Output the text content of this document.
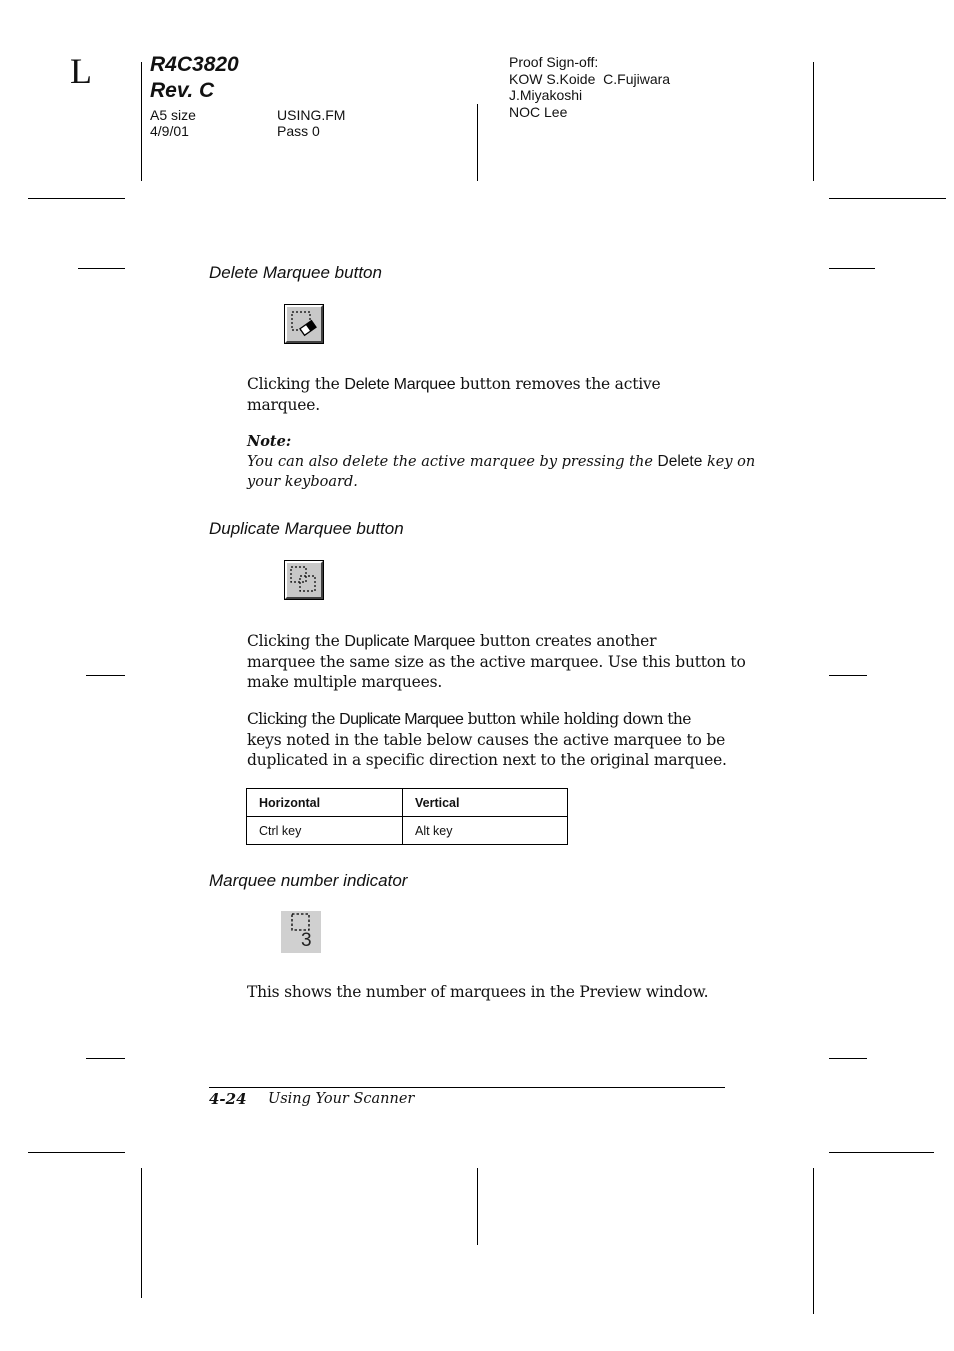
L	R4C3820
Rev. C
A5 size
4/9/01
USING.FM
Pass 0
Proof Sign-off:
KOW S.Koide  C.Fujiwara
J.Miyakoshi
NOC Lee
Delete Marquee button
Clicking the Delete Marquee button removes the active
marquee.
Note:
You can also delete the active marquee by pressing the Delete key on
your keyboard.
Duplicate Marquee button
Clicking the Duplicate Marquee button creates another
marquee the same size as the active marquee. Use this button to
make multiple marquees.
Clicking the Duplicate Marquee button while holding down the
keys noted in the table below causes the active marquee to be
duplicated in a specific direction next to the original marquee.
Horizontal	Vertical
Ctrl key	Alt key
Marquee number indicator
3
This shows the number of marquees in the Preview window.
4-24 Using Your Scanner
